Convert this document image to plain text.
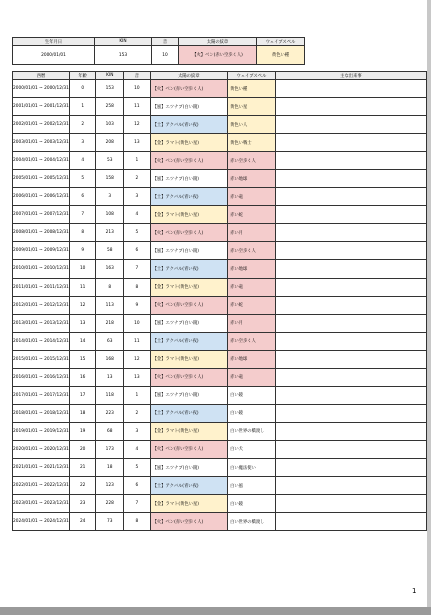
生年月日	KIN	音	太陽の紋章	ウェイブスペル
2000/01/01	153	10	【火】ベン(赤い空歩く人)	黄色い種
西暦	年齢	KIN	音	太陽の紋章	ウェイブスペル	主な出来事
2000/01/01 ~ 2000/12/31	0	153	10	【火】ベン(赤い空歩く人)	黄色い種	
2001/01/01 ~ 2001/12/31	1	258	11	【風】エツナブ(白い鏡)	黄色い星	
2002/01/01 ~ 2002/12/31	2	103	12	【土】アクバル(青い夜)	黄色い人	
2003/01/01 ~ 2003/12/31	3	208	13	【金】ラマト(黄色い星)	黄色い戦士	
2004/01/01 ~ 2004/12/31	4	53	1	【火】ベン(赤い空歩く人)	赤い空歩く人	
2005/01/01 ~ 2005/12/31	5	158	2	【風】エツナブ(白い鏡)	赤い地球	
2006/01/01 ~ 2006/12/31	6	3	3	【土】アクバル(青い夜)	赤い竜	
2007/01/01 ~ 2007/12/31	7	108	4	【金】ラマト(黄色い星)	赤い蛇	
2008/01/01 ~ 2008/12/31	8	213	5	【火】ベン(赤い空歩く人)	赤い月	
2009/01/01 ~ 2009/12/31	9	58	6	【風】エツナブ(白い鏡)	赤い空歩く人	
2010/01/01 ~ 2010/12/31	10	163	7	【土】アクバル(青い夜)	赤い地球	
2011/01/01 ~ 2011/12/31	11	8	8	【金】ラマト(黄色い星)	赤い竜	
2012/01/01 ~ 2012/12/31	12	113	9	【火】ベン(赤い空歩く人)	赤い蛇	
2013/01/01 ~ 2013/12/31	13	218	10	【風】エツナブ(白い鏡)	赤い月	
2014/01/01 ~ 2014/12/31	14	63	11	【土】アクバル(青い夜)	赤い空歩く人	
2015/01/01 ~ 2015/12/31	15	168	12	【金】ラマト(黄色い星)	赤い地球	
2016/01/01 ~ 2016/12/31	16	13	13	【火】ベン(赤い空歩く人)	赤い竜	
2017/01/01 ~ 2017/12/31	17	118	1	【風】エツナブ(白い鏡)	白い鏡	
2018/01/01 ~ 2018/12/31	18	223	2	【土】アクバル(青い夜)	白い鏡	
2019/01/01 ~ 2019/12/31	19	68	3	【金】ラマト(黄色い星)	白い世界の橋渡し	
2020/01/01 ~ 2020/12/31	20	173	4	【火】ベン(赤い空歩く人)	白い犬	
2021/01/01 ~ 2021/12/31	21	18	5	【風】エツナブ(白い鏡)	白い魔法使い	
2022/01/01 ~ 2022/12/31	22	123	6	【土】アクバル(青い夜)	白い風	
2023/01/01 ~ 2023/12/31	23	228	7	【金】ラマト(黄色い星)	白い鏡	
2024/01/01 ~ 2024/12/31	24	73	8	【火】ベン(赤い空歩く人)	白い世界の橋渡し	
1
